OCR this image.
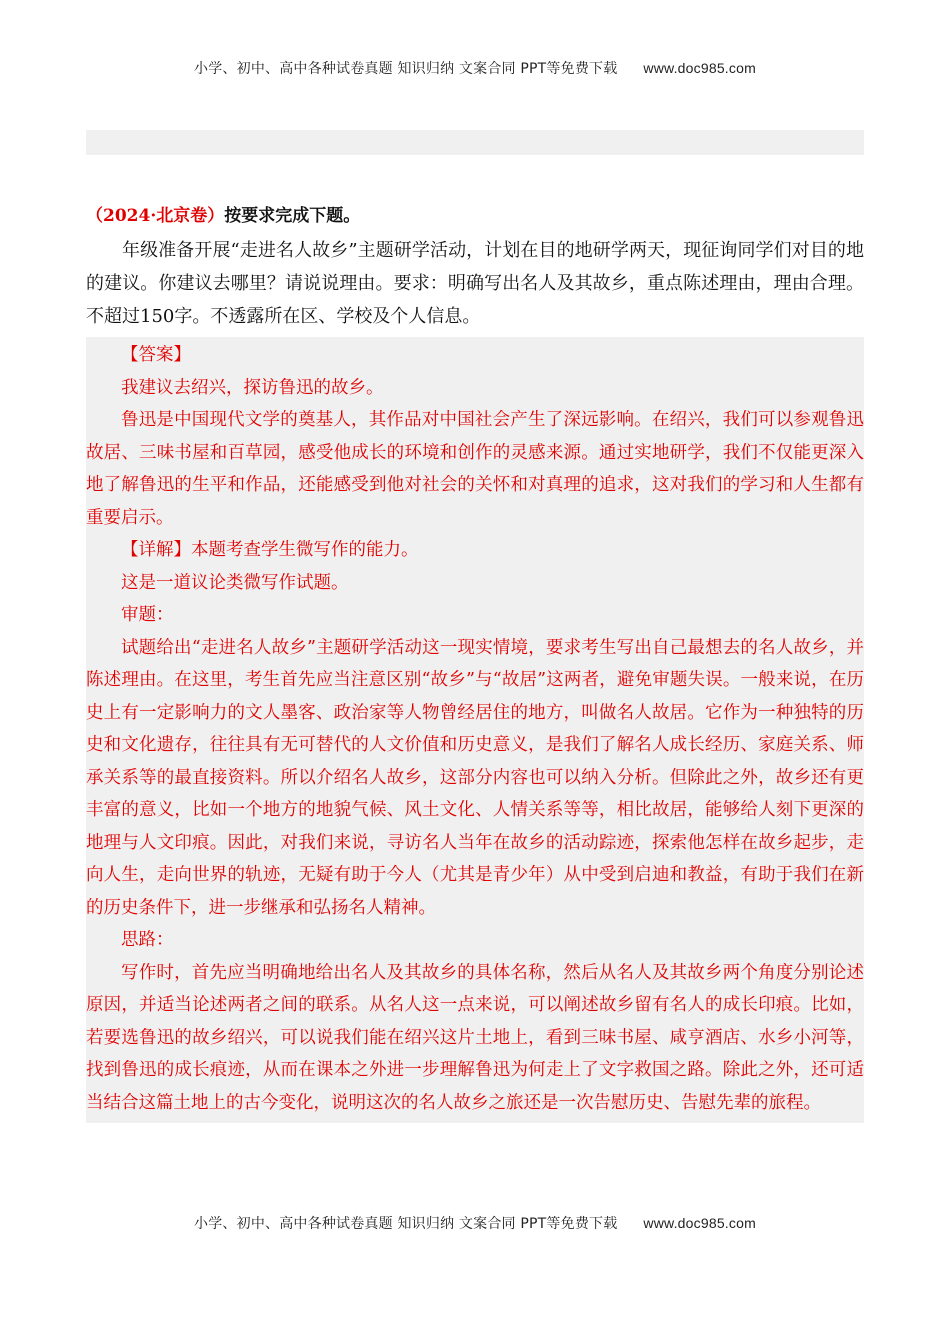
小学、初中、高中各种试卷真题 知识归纳 文案合同 PPT等免费下载 www.doc985.com

（2024·北京卷）按要求完成下题。

年级准备开展“走进名人故乡”主题研学活动，计划在目的地研学两天，现征询同学们对目的地的建议。你建议去哪里？请说说理由。要求：明确写出名人及其故乡，重点陈述理由，理由合理。不超过150字。不透露所在区、学校及个人信息。

【答案】

我建议去绍兴，探访鲁迅的故乡。

鲁迅是中国现代文学的奠基人，其作品对中国社会产生了深远影响。在绍兴，我们可以参观鲁迅故居、三味书屋和百草园，感受他成长的环境和创作的灵感来源。通过实地研学，我们不仅能更深入地了解鲁迅的生平和作品，还能感受到他对社会的关怀和对真理的追求，这对我们的学习和人生都有重要启示。

【详解】本题考查学生微写作的能力。

这是一道议论类微写作试题。

审题：

试题给出“走进名人故乡”主题研学活动这一现实情境，要求考生写出自己最想去的名人故乡，并陈述理由。在这里，考生首先应当注意区别“故乡”与“故居”这两者，避免审题失误。一般来说，在历史上有一定影响力的文人墨客、政治家等人物曾经居住的地方，叫做名人故居。它作为一种独特的历史和文化遗存，往往具有无可替代的人文价值和历史意义，是我们了解名人成长经历、家庭关系、师承关系等的最直接资料。所以介绍名人故乡，这部分内容也可以纳入分析。但除此之外，故乡还有更丰富的意义，比如一个地方的地貌气候、风土文化、人情关系等等，相比故居，能够给人刻下更深的地理与人文印痕。因此，对我们来说，寻访名人当年在故乡的活动踪迹，探索他怎样在故乡起步，走向人生，走向世界的轨迹，无疑有助于今人（尤其是青少年）从中受到启迪和教益，有助于我们在新的历史条件下，进一步继承和弘扬名人精神。

思路：

写作时，首先应当明确地给出名人及其故乡的具体名称，然后从名人及其故乡两个角度分别论述原因，并适当论述两者之间的联系。从名人这一点来说，可以阐述故乡留有名人的成长印痕。比如，若要选鲁迅的故乡绍兴，可以说我们能在绍兴这片土地上，看到三味书屋、咸亨酒店、水乡小河等，找到鲁迅的成长痕迹，从而在课本之外进一步理解鲁迅为何走上了文字救国之路。除此之外，还可适当结合这篇土地上的古今变化，说明这次的名人故乡之旅还是一次告慰历史、告慰先辈的旅程。

小学、初中、高中各种试卷真题 知识归纳 文案合同 PPT等免费下载 www.doc985.com
